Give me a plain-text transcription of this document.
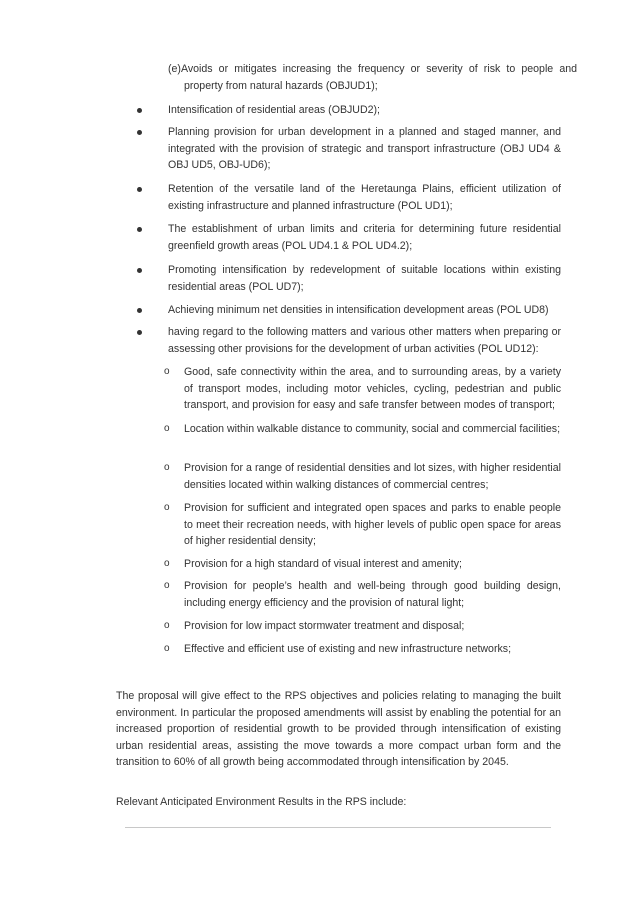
(e)Avoids or mitigates increasing the frequency or severity of risk to people and property from natural hazards (OBJUD1);
Intensification of residential areas (OBJUD2);
Planning provision for urban development in a planned and staged manner, and integrated with the provision of strategic and transport infrastructure (OBJ UD4 & OBJ UD5, OBJ-UD6);
Retention of the versatile land of the Heretaunga Plains, efficient utilization of existing infrastructure and planned infrastructure (POL UD1);
The establishment of urban limits and criteria for determining future residential greenfield growth areas (POL UD4.1 & POL UD4.2);
Promoting intensification by redevelopment of suitable locations within existing residential areas (POL UD7);
Achieving minimum net densities in intensification development areas (POL UD8)
having regard to the following matters and various other matters when preparing or assessing other provisions for the development of urban activities (POL UD12):
o Good, safe connectivity within the area, and to surrounding areas, by a variety of transport modes, including motor vehicles, cycling, pedestrian and public transport, and provision for easy and safe transfer between modes of transport;
o Location within walkable distance to community, social and commercial facilities;
o Provision for a range of residential densities and lot sizes, with higher residential densities located within walking distances of commercial centres;
o Provision for sufficient and integrated open spaces and parks to enable people to meet their recreation needs, with higher levels of public open space for areas of higher residential density;
o Provision for a high standard of visual interest and amenity;
o Provision for people’s health and well-being through good building design, including energy efficiency and the provision of natural light;
o Provision for low impact stormwater treatment and disposal;
o Effective and efficient use of existing and new infrastructure networks;
The proposal will give effect to the RPS objectives and policies relating to managing the built environment. In particular the proposed amendments will assist by enabling the potential for an increased proportion of residential growth to be provided through intensification of existing urban residential areas, assisting the move towards a more compact urban form and the transition to 60% of all growth being accommodated through intensification by 2045.
Relevant Anticipated Environment Results in the RPS include:
